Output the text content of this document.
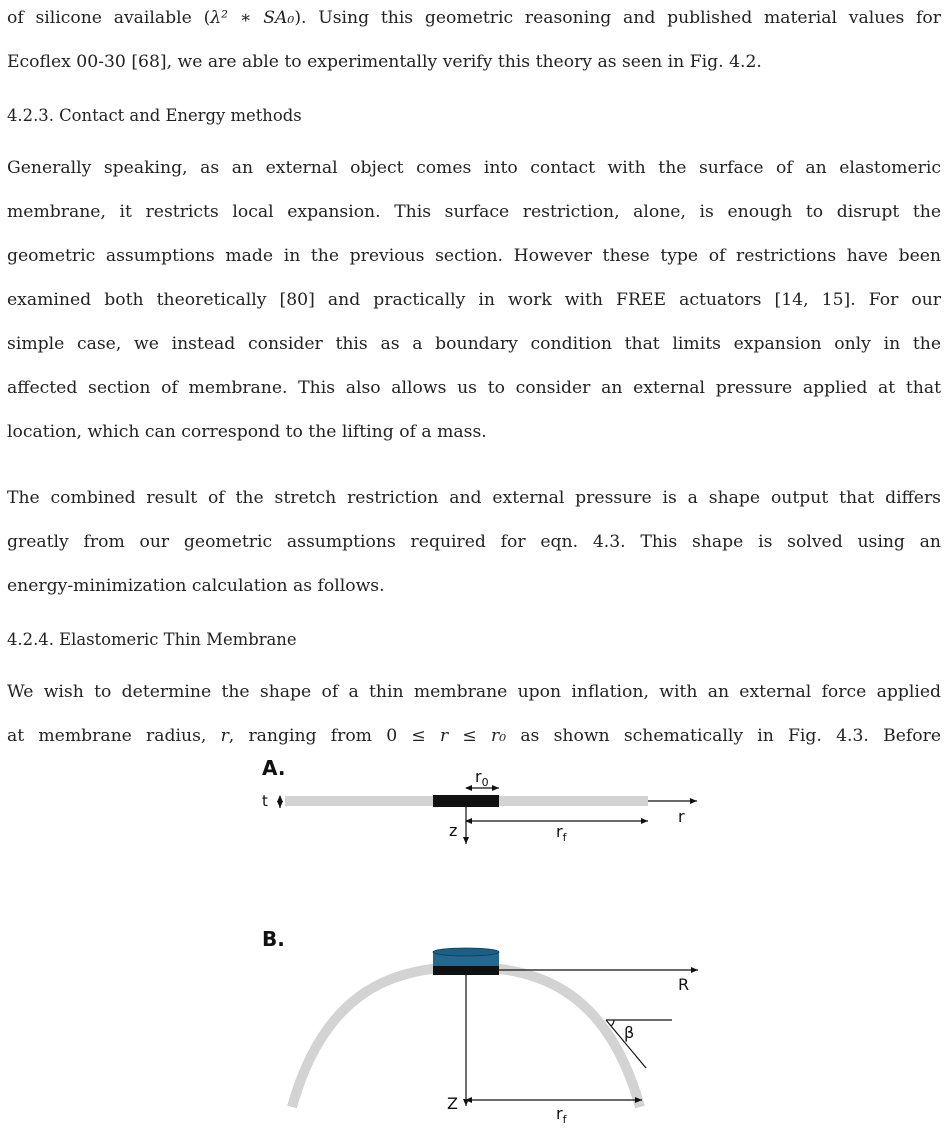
of silicone available (λ² ∗ SA₀). Using this geometric reasoning and published material values for
Ecoflex 00-30 [68], we are able to experimentally verify this theory as seen in Fig. 4.2.
4.2.3. Contact and Energy methods
Generally speaking, as an external object comes into contact with the surface of an elastomeric
membrane, it restricts local expansion. This surface restriction, alone, is enough to disrupt the
geometric assumptions made in the previous section. However these type of restrictions have been
examined both theoretically [80] and practically in work with FREE actuators [14, 15]. For our
simple case, we instead consider this as a boundary condition that limits expansion only in the
affected section of membrane. This also allows us to consider an external pressure applied at that
location, which can correspond to the lifting of a mass.
The combined result of the stretch restriction and external pressure is a shape output that differs
greatly from our geometric assumptions required for eqn. 4.3. This shape is solved using an
energy-minimization calculation as follows.
4.2.4. Elastomeric Thin Membrane
We wish to determine the shape of a thin membrane upon inflation, with an external force applied
at membrane radius, r, ranging from 0 ≤ r ≤ r₀ as shown schematically in Fig. 4.3. Before
A.
t
$r_0$
r
z	$r_f$
B.
R
Z
$r_f$
β
